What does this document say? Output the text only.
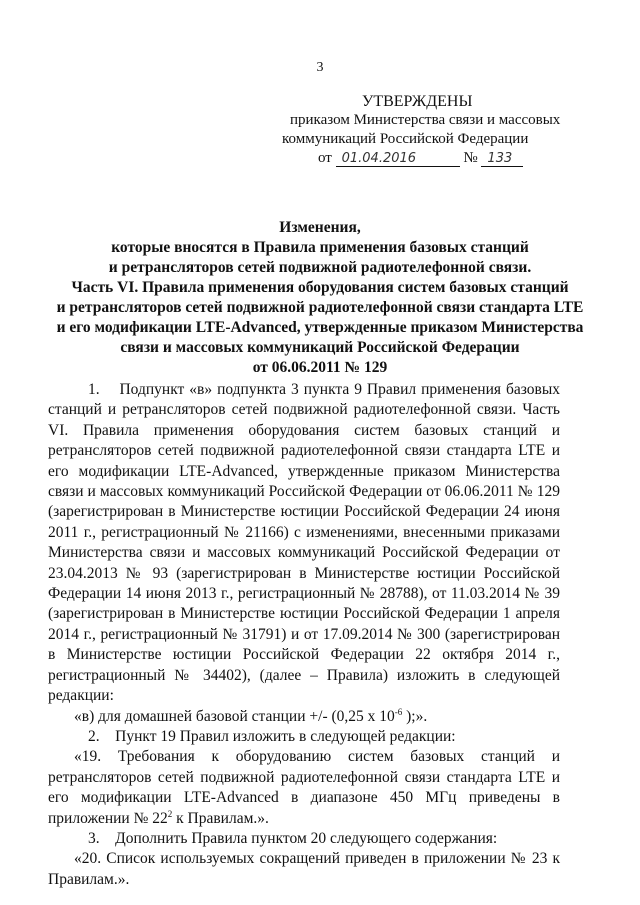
3
УТВЕРЖДЕНЫ
приказом Министерства связи и массовых
коммуникаций Российской Федерации
от 01.04.2016	№ 133
Изменения,
которые вносятся в Правила применения базовых станций
и ретрансляторов сетей подвижной радиотелефонной связи.
Часть VI. Правила применения оборудования систем базовых станций
и ретрансляторов сетей подвижной радиотелефонной связи стандарта LTE
и его модификации LTE-Advanced, утвержденные приказом Министерства
связи и массовых коммуникаций Российской Федерации
от 06.06.2011 № 129

1.    Подпункт «в» подпункта 3 пункта 9 Правил применения базовых станций и ретрансляторов сетей подвижной радиотелефонной связи. Часть VI. Правила применения оборудования систем базовых станций и ретрансляторов сетей подвижной радиотелефонной связи стандарта LTE и его модификации LTE-Advanced, утвержденные приказом Министерства связи и массовых коммуникаций Российской Федерации от 06.06.2011 № 129 (зарегистрирован в Министерстве юстиции Российской Федерации 24 июня 2011 г., регистрационный № 21166) с изменениями, внесенными приказами Министерства связи и массовых коммуникаций Российской Федерации от 23.04.2013 № 93 (зарегистрирован в Министерстве юстиции Российской Федерации 14 июня 2013 г., регистрационный № 28788), от 11.03.2014 № 39 (зарегистрирован в Министерстве юстиции Российской Федерации 1 апреля 2014 г., регистрационный № 31791) и от 17.09.2014 № 300 (зарегистрирован в Министерстве юстиции Российской Федерации 22 октября 2014 г., регистрационный № 34402), (далее – Правила) изложить в следующей редакции:

«в) для домашней базовой станции +/- (0,25 х $10^{-6}$ );».

2.    Пункт 19 Правил изложить в следующей редакции:

«19. Требования к оборудованию систем базовых станций и ретрансляторов сетей подвижной радиотелефонной связи стандарта LTE и его модификации LTE-Advanced в диапазоне 450 МГц приведены в приложении № $22^2$ к Правилам.».

3.    Дополнить Правила пунктом 20 следующего содержания:

«20. Список используемых сокращений приведен в приложении № 23 к Правилам.».
